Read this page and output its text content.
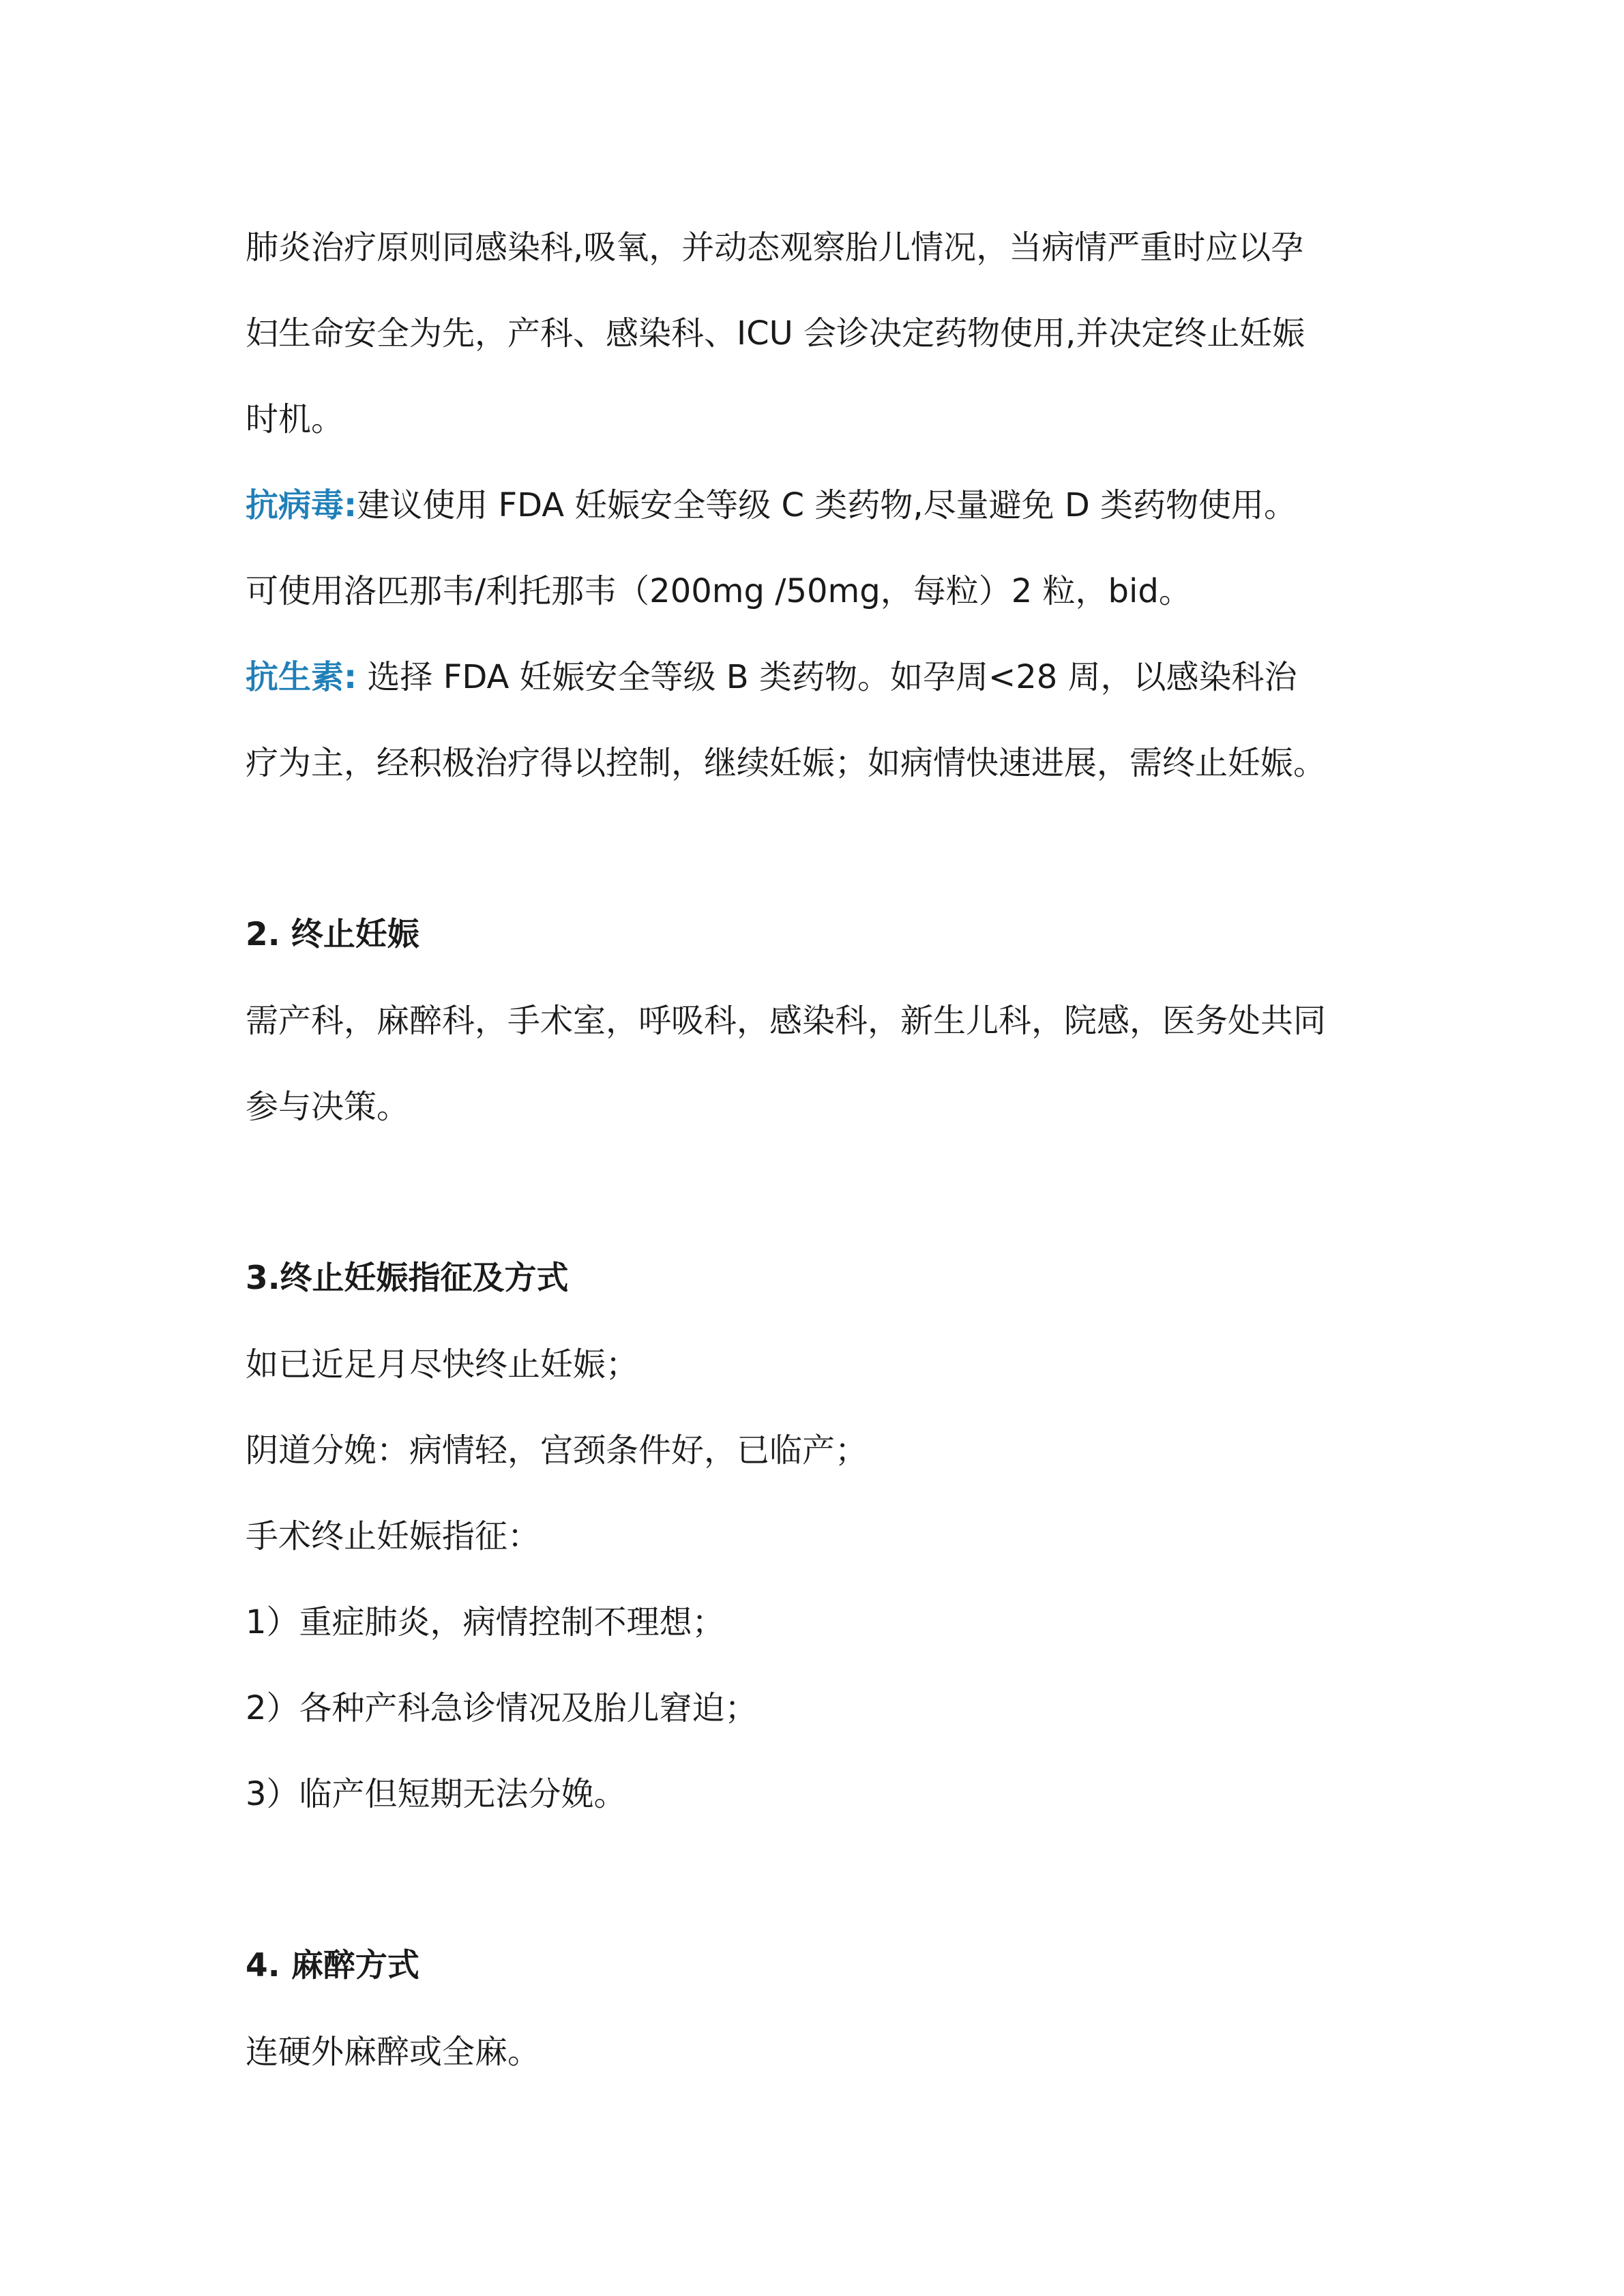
肺炎治疗原则同感染科,吸氧，并动态观察胎儿情况，当病情严重时应以孕
妇生命安全为先，产科、感染科、ICU 会诊决定药物使用,并决定终止妊娠
时机。
抗病毒:建议使用 FDA 妊娠安全等级 C 类药物,尽量避免 D 类药物使用。
可使用洛匹那韦/利托那韦（200mg /50mg，每粒）2 粒，bid。
抗生素: 选择 FDA 妊娠安全等级 B 类药物。如孕周<28 周，以感染科治
疗为主，经积极治疗得以控制，继续妊娠；如病情快速进展，需终止妊娠。
2. 终止妊娠
需产科，麻醉科，手术室，呼吸科，感染科，新生儿科，院感，医务处共同
参与决策。
3.终止妊娠指征及方式
如已近足月尽快终止妊娠；
阴道分娩：病情轻，宫颈条件好，已临产；
手术终止妊娠指征：
1）重症肺炎，病情控制不理想；
2）各种产科急诊情况及胎儿窘迫；
3）临产但短期无法分娩。
4. 麻醉方式
连硬外麻醉或全麻。
